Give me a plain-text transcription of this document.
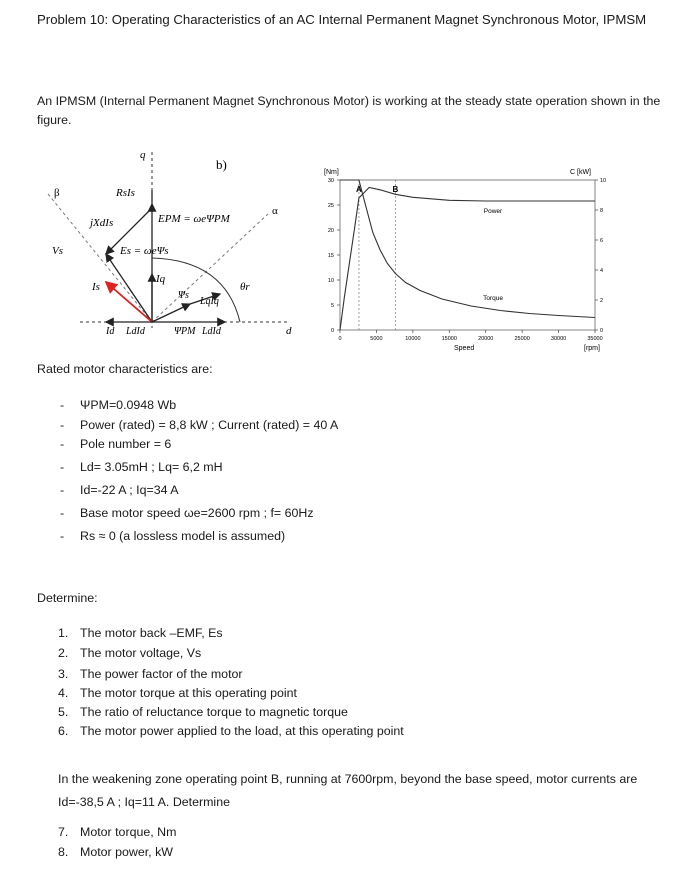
Problem 10: Operating Characteristics of an AC Internal Permanent Magnet Synchronous Motor, IPMSM
An IPMSM (Internal Permanent Magnet Synchronous Motor) is working at the steady state operation shown in the figure.
q
b)
β
α
RsIs
jXdIs	EPM = ωeΨPM
Vs	Es = ωeΨs
Iq
Is	θr
Ψs
LqIq
Id LdId	ΨPM LdId	d
0	5000	10000	15000	20000	25000	30000	35000
0
5
10
15
20
25
30
0
2
4
6
8
10
A	B
Power
Torque
[Nm]	C [kW]
Speed	[rpm]
Rated motor characteristics are:
- ΨPM=0.0948 Wb
- Power (rated) = 8,8 kW ; Current (rated) = 40 A
- Pole number = 6
- Ld= 3.05mH ; Lq= 6,2 mH
- Id=-22 A ; Iq=34 A
- Base motor speed ωe=2600 rpm ; f= 60Hz
- Rs ≈ 0 (a lossless model is assumed)
Determine:
1. The motor back –EMF, Es
2. The motor voltage, Vs
3. The power factor of the motor
4. The motor torque at this operating point
5. The ratio of reluctance torque to magnetic torque
6. The motor power applied to the load, at this operating point
In the weakening zone operating point B, running at 7600rpm, beyond the base speed, motor currents are Id=-38,5 A ; Iq=11 A. Determine
7. Motor torque, Nm
8. Motor power, kW
